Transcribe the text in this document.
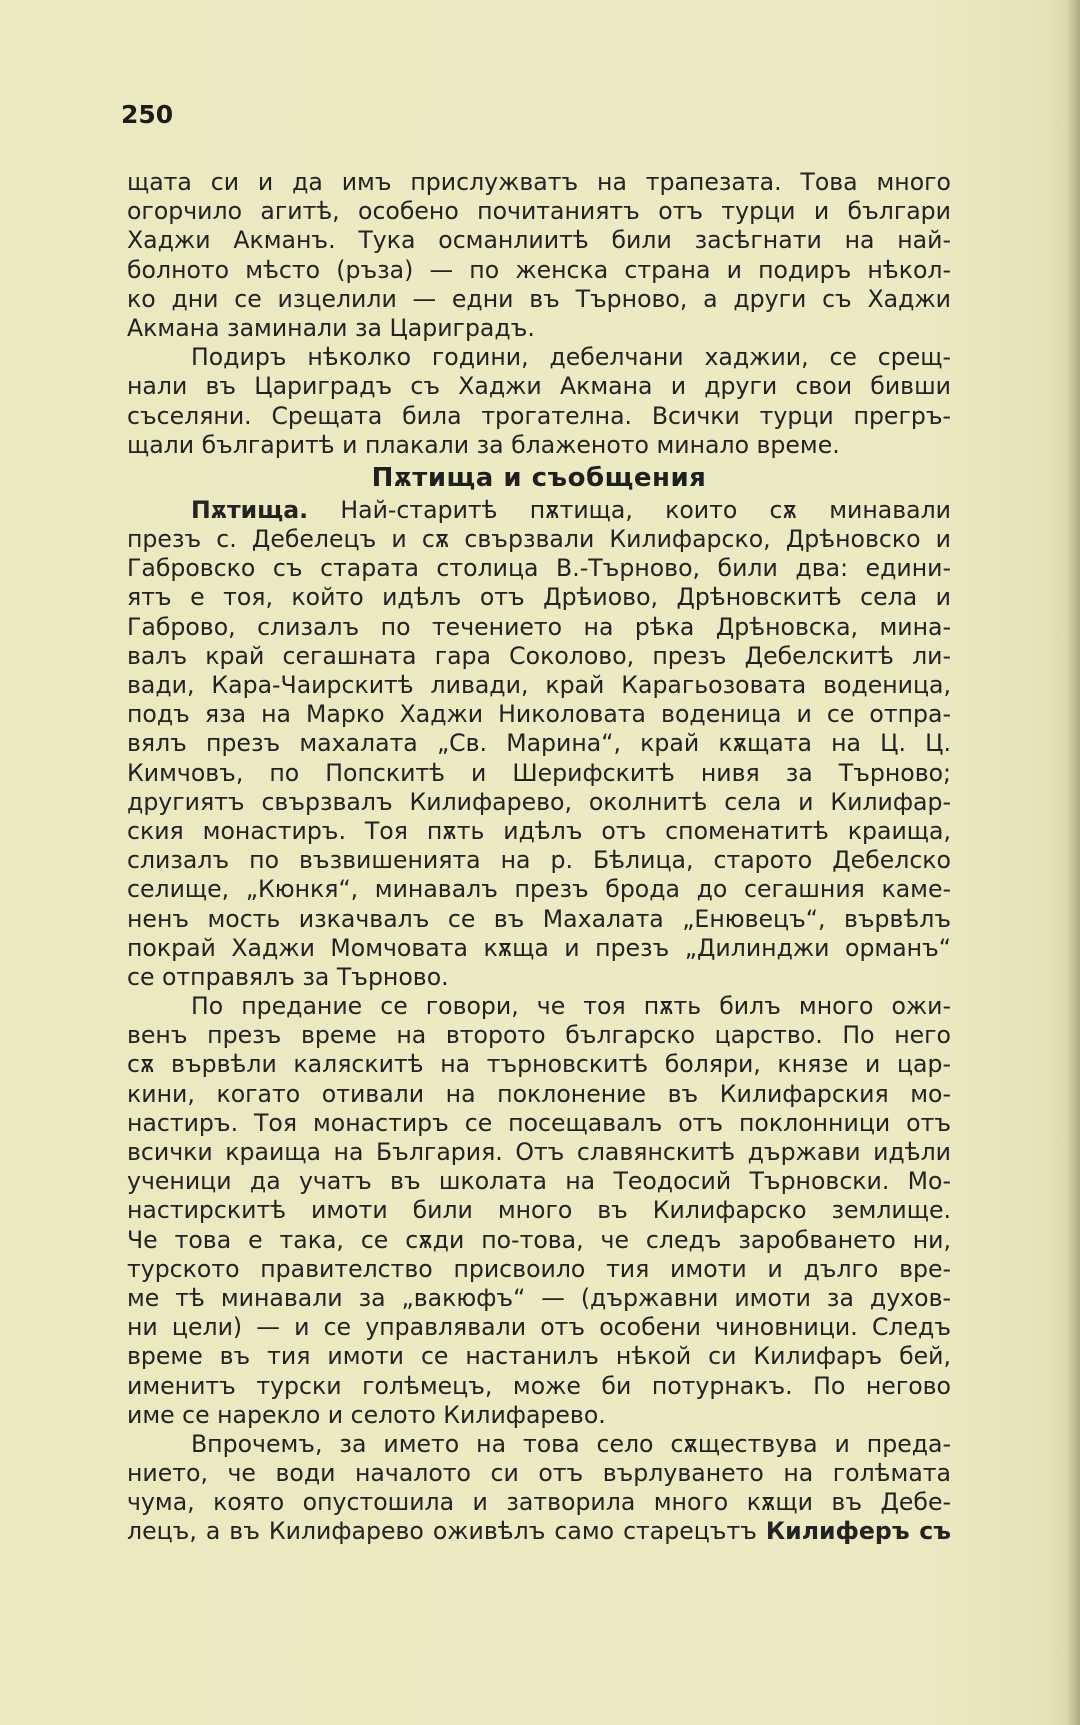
250

щата си и да имъ прислужватъ на трапезата. Това много
огорчило агитѣ, особено почитаниятъ отъ турци и българи
Хаджи Акманъ. Тука османлиитѣ били засѣгнати на най-
болното мѣсто (ръза) — по женска страна и подиръ нѣкол-
ко дни се изцелили — едни въ Търново, а други съ Хаджи
Акмана заминали за Цариградъ.
Подиръ нѣколко години, дебелчани хаджии, се срещ-
нали въ Цариградъ съ Хаджи Акмана и други свои бивши
съселяни. Срещата била трогателна. Всички турци прегръ-
щали българитѣ и плакали за блаженото минало време.
Пѫтища и съобщения
Пѫтища. Най-старитѣ пѫтища, които сѫ минавали
презъ с. Дебелецъ и сѫ свързвали Килифарско, Дрѣновско и
Габровско съ старата столица В.-Търново, били два: едини-
ятъ е тоя, който идѣлъ отъ Дрѣиово, Дрѣновскитѣ села и
Габрово, слизалъ по течението на рѣка Дрѣновска, мина-
валъ край сегашната гара Соколово, презъ Дебелскитѣ ли-
вади, Кара-Чаирскитѣ ливади, край Карагьозовата воденица,
подъ яза на Марко Хаджи Николовата воденица и се отпра-
вялъ презъ махалата „Св. Марина“, край кѫщата на Ц. Ц.
Кимчовъ, по Попскитѣ и Шерифскитѣ нивя за Търново;
другиятъ свързвалъ Килифарево, околнитѣ села и Килифар-
ския монастиръ. Тоя пѫть идѣлъ отъ споменатитѣ краища,
слизалъ по възвишенията на р. Бѣлица, старото Дебелско
селище, „Кюнкя“, минавалъ презъ брода до сегашния каме-
ненъ мость изкачвалъ се въ Махалата „Енювецъ“, вървѣлъ
покрай Хаджи Момчовата кѫща и презъ „Дилинджи орманъ“
се отправялъ за Търново.
По предание се говори, че тоя пѫть билъ много ожи-
венъ презъ време на второто българско царство. По него
сѫ вървѣли каляскитѣ на търновскитѣ боляри, князе и цар-
кини, когато отивали на поклонение въ Килифарския мо-
настиръ. Тоя монастиръ се посещавалъ отъ поклонници отъ
всички краища на България. Отъ славянскитѣ държави идѣли
ученици да учатъ въ школата на Теодосий Търновски. Мо-
настирскитѣ имоти били много въ Килифарско землище.
Че това е така, се сѫди по-това, че следъ заробването ни,
турското правителство присвоило тия имоти и дълго вре-
ме тѣ минавали за „вакюфъ“ — (държавни имоти за духов-
ни цели) — и се управлявали отъ особени чиновници. Следъ
време въ тия имоти се настанилъ нѣкой си Килифаръ бей,
именитъ турски голѣмецъ, може би потурнакъ. По негово
име се нарекло и селото Килифарево.
Впрочемъ, за името на това село сѫществува и преда-
нието, че води началото си отъ върлуването на голѣмата
чума, която опустошила и затворила много кѫщи въ Дебе-
лецъ, а въ Килифарево оживѣлъ само старецътъ Килиферъ съ
